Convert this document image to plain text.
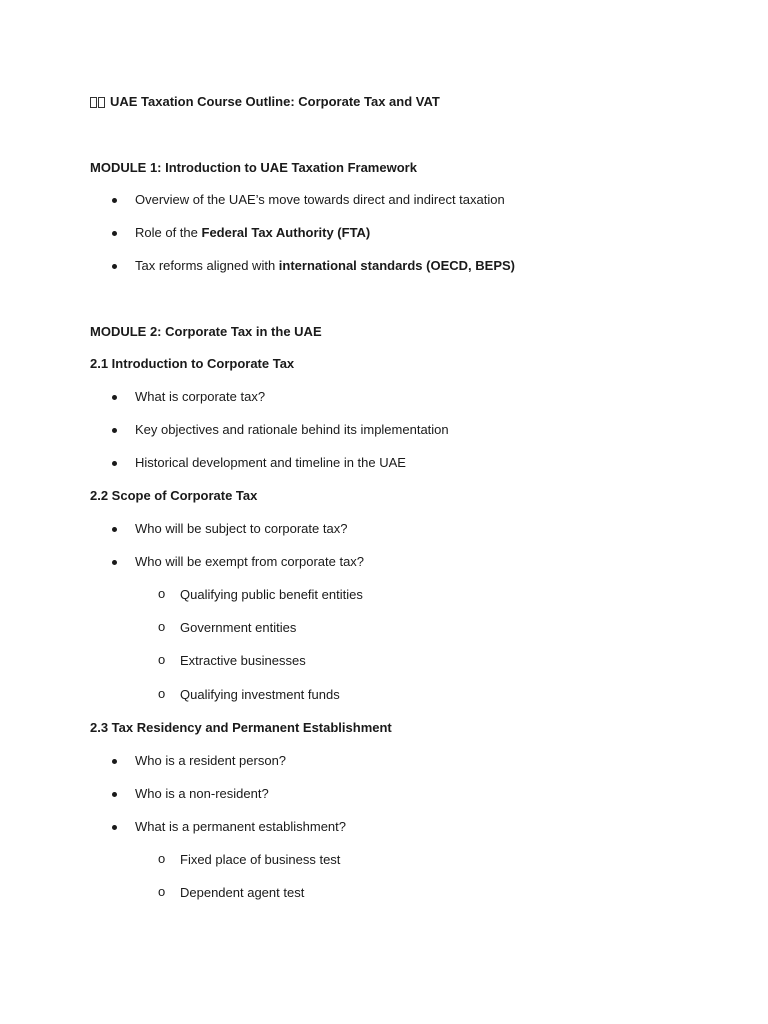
UAE Taxation Course Outline: Corporate Tax and VAT
MODULE 1: Introduction to UAE Taxation Framework
Overview of the UAE’s move towards direct and indirect taxation
Role of the Federal Tax Authority (FTA)
Tax reforms aligned with international standards (OECD, BEPS)
MODULE 2: Corporate Tax in the UAE
2.1 Introduction to Corporate Tax
What is corporate tax?
Key objectives and rationale behind its implementation
Historical development and timeline in the UAE
2.2 Scope of Corporate Tax
Who will be subject to corporate tax?
Who will be exempt from corporate tax?
o Qualifying public benefit entities
o Government entities
o Extractive businesses
o Qualifying investment funds
2.3 Tax Residency and Permanent Establishment
Who is a resident person?
Who is a non-resident?
What is a permanent establishment?
o Fixed place of business test
o Dependent agent test
